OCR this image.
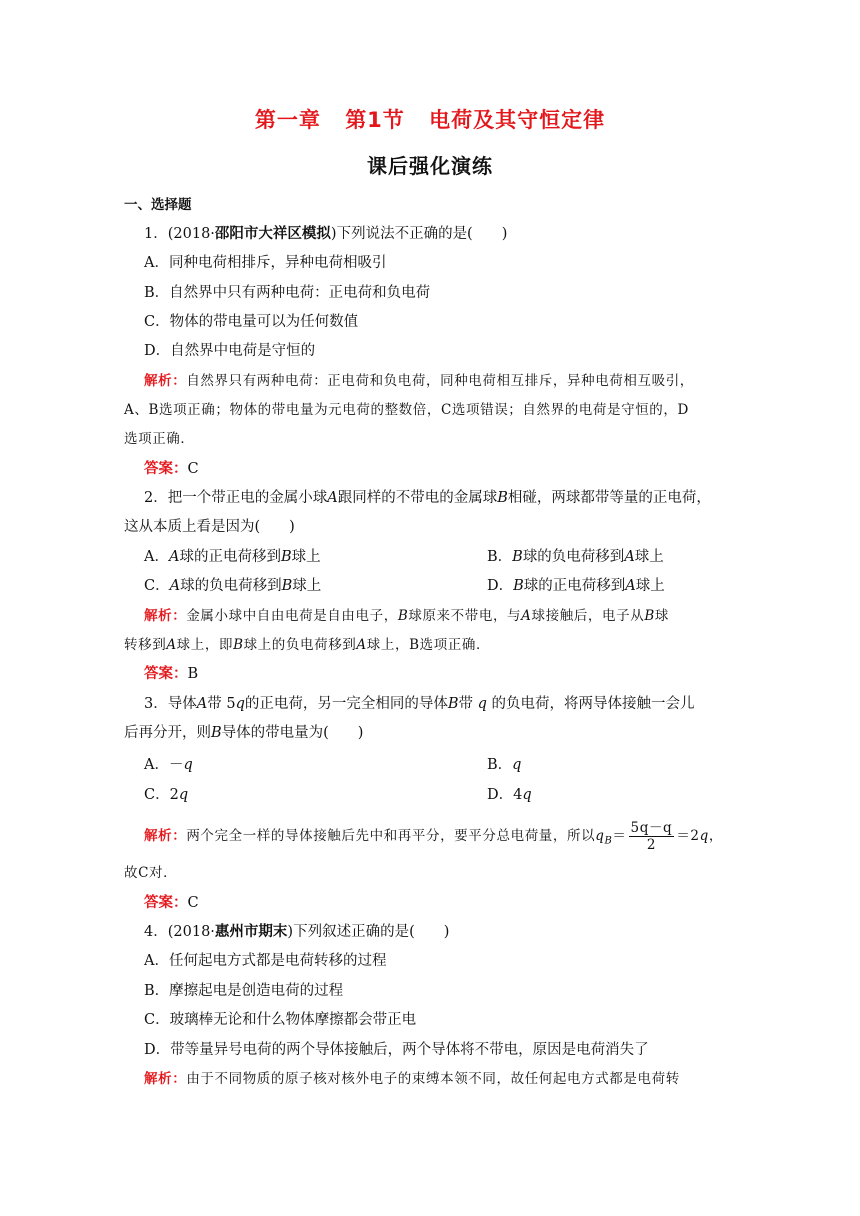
第一章 第1节 电荷及其守恒定律
课后强化演练
一、选择题
1．(2018·邵阳市大祥区模拟)下列说法不正确的是(　　)
A．同种电荷相排斥，异种电荷相吸引
B．自然界中只有两种电荷：正电荷和负电荷
C．物体的带电量可以为任何数值
D．自然界中电荷是守恒的
解析：自然界只有两种电荷：正电荷和负电荷，同种电荷相互排斥，异种电荷相互吸引，
A、B选项正确；物体的带电量为元电荷的整数倍，C选项错误；自然界的电荷是守恒的，D
选项正确．
答案：C
2．把一个带正电的金属小球A跟同样的不带电的金属球B相碰，两球都带等量的正电荷，
这从本质上看是因为(　　)
A．A球的正电荷移到B球上	B．B球的负电荷移到A球上
C．A球的负电荷移到B球上	D．B球的正电荷移到A球上
解析：金属小球中自由电荷是自由电子，B球原来不带电，与A球接触后，电子从B球
转移到A球上，即B球上的负电荷移到A球上，B选项正确．
答案：B
3．导体A带 5q的正电荷，另一完全相同的导体B带 q 的负电荷，将两导体接触一会儿
后再分开，则B导体的带电量为(　　)
A．－q	B．q
C．2q	D．4q
解析：两个完全一样的导体接触后先中和再平分，要平分总电荷量，所以$q_B= \frac{5q-q}{2} =2q$，
故C对．
答案：C
4．(2018·惠州市期末)下列叙述正确的是(　　)
A．任何起电方式都是电荷转移的过程
B．摩擦起电是创造电荷的过程
C．玻璃棒无论和什么物体摩擦都会带正电
D．带等量异号电荷的两个导体接触后，两个导体将不带电，原因是电荷消失了
解析：由于不同物质的原子核对核外电子的束缚本领不同，故任何起电方式都是电荷转
